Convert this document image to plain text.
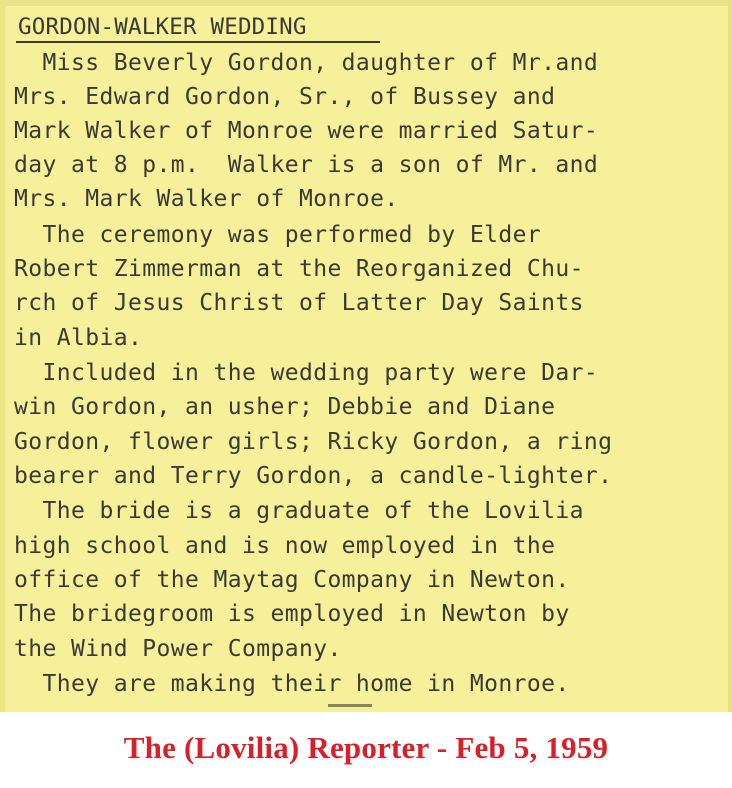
GORDON-WALKER WEDDING
Miss Beverly Gordon, daughter of Mr.and
Mrs. Edward Gordon, Sr., of Bussey and
Mark Walker of Monroe were married Satur-
day at 8 p.m.  Walker is a son of Mr. and
Mrs. Mark Walker of Monroe.
The ceremony was performed by Elder
Robert Zimmerman at the Reorganized Chu-
rch of Jesus Christ of Latter Day Saints
in Albia.
Included in the wedding party were Dar-
win Gordon, an usher; Debbie and Diane
Gordon, flower girls; Ricky Gordon, a ring
bearer and Terry Gordon, a candle-lighter.
The bride is a graduate of the Lovilia
high school and is now employed in the
office of the Maytag Company in Newton.
The bridegroom is employed in Newton by
the Wind Power Company.
They are making their home in Monroe.
The (Lovilia) Reporter - Feb 5, 1959
